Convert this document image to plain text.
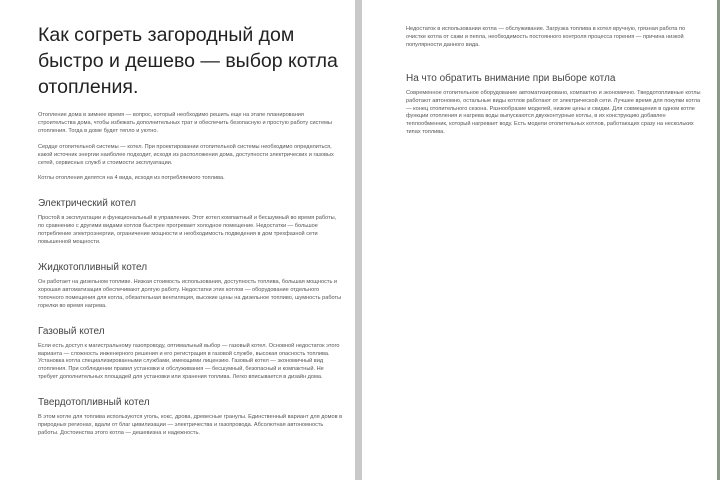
Как согреть загородный дом быстро и дешево — выбор котла отопления.

Отопление дома в зимнее время — вопрос, который необходимо решить еще на этапе планирования строительства дома, чтобы избежать дополнительных трат и обеспечить безопасную и простую работу системы отопления. Тогда в доме будет тепло и уютно.

Сердце отопительной системы — котел. При проектировании отопительной системы необходимо определиться, какой источник энергии наиболее подходит, исходя из расположения дома, доступности электрических и газовых сетей, сервисных служб и стоимости эксплуатации.

Котлы отопления делятся на 4 вида, исходя из потребляемого топлива.

Электрический котел

Простой в эксплуатации и функциональный в управлении. Этот котел компактный и бесшумный во время работы, по сравнению с другими видами котлов быстрее прогревает холодное помещение. Недостатки — большое потребление электроэнергии, ограничение мощности и необходимость подведения в дом трехфазной сети повышенной мощности.

Жидкотопливный котел

Он работает на дизельном топливе. Низкая стоимость использования, доступность топлива, большая мощность и хорошая автоматизация обеспечивают долгую работу. Недостатки этих котлов — оборудование отдельного топочного помещения для котла, обязательная вентиляция, высокие цены на дизельное топливо, шумность работы горелки во время нагрева.

Газовый котел

Если есть доступ к магистральному газопроводу, оптимальный выбор — газовый котел. Основной недостаток этого варианта — сложность инженерного решения и его регистрация в газовой службе, высокая опасность топлива. Установка котла специализированными службами, имеющими лицензию. Газовый котел — экономичный вид отопления. При соблюдении правил установки и обслуживания — бесшумный, безопасный и компактный. Не требует дополнительных площадей для установки или хранения топлива. Легко вписывается в дизайн дома.

Твердотопливный котел

В этом котле для топлива используются уголь, кокс, дрова, древесные гранулы. Единственный вариант для домов в природных регионах, вдали от благ цивилизации — электричества и газопровода. Абсолютная автономность работы. Достоинства этого котла — дешевизна и надежность.

Недостаток в использовании котла — обслуживание. Загрузка топлива в котел вручную, грязная работа по очистке котла от сажи и пепла, необходимость постоянного контроля процесса горения — причина низкой популярности данного вида.

На что обратить внимание при выборе котла

Современное отопительное оборудование автоматизировано, компактно и экономично. Твердотопливные котлы работают автономно, остальные виды котлов работают от электрической сети. Лучшее время для покупки котла — конец отопительного сезона. Разнообразие моделей, низкие цены и скидки. Для совмещения в одном котле функции отопления и нагрева воды выпускаются двухконтурные котлы, в их конструкцию добавлен теплообменник, который нагревает воду. Есть модели отопительных котлов, работающих сразу на нескольких типах топлива.
